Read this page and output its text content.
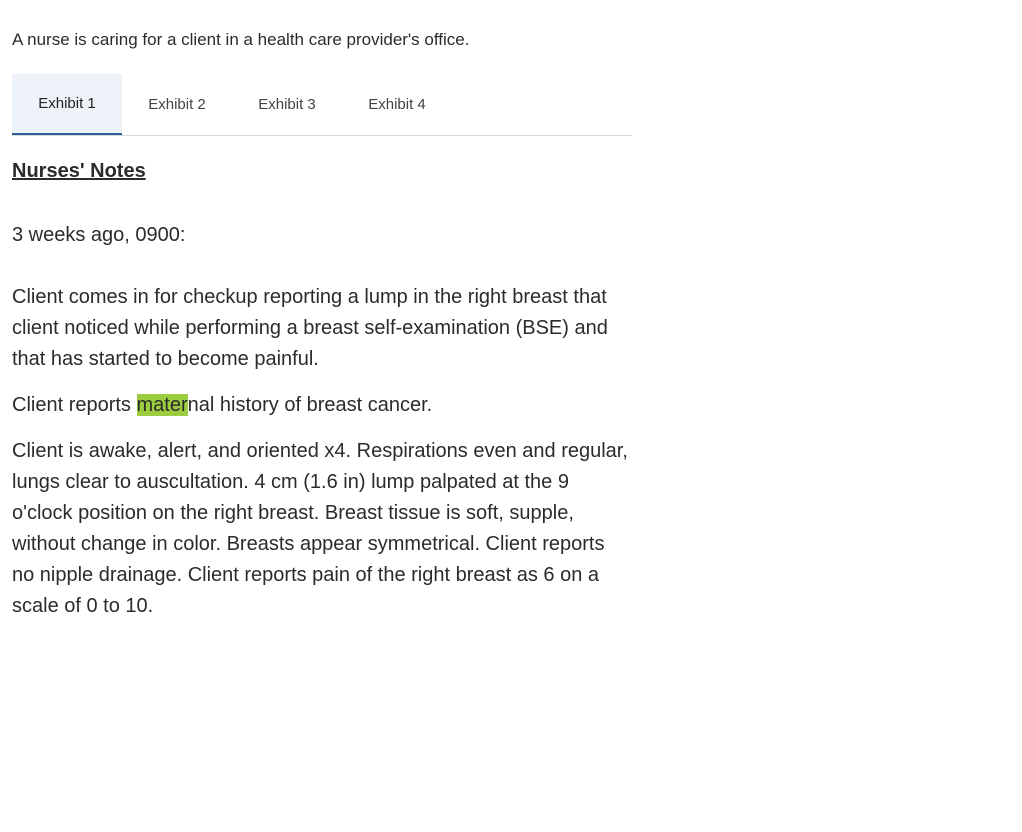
A nurse is caring for a client in a health care provider's office.
Exhibit 1	Exhibit 2	Exhibit 3	Exhibit 4
Nurses' Notes
3 weeks ago, 0900:

Client comes in for checkup reporting a lump in the right breast that client noticed while performing a breast self-examination (BSE) and that has started to become painful.

Client reports maternal history of breast cancer.

Client is awake, alert, and oriented x4. Respirations even and regular, lungs clear to auscultation. 4 cm (1.6 in) lump palpated at the 9 o'clock position on the right breast. Breast tissue is soft, supple, without change in color. Breasts appear symmetrical. Client reports no nipple drainage. Client reports pain of the right breast as 6 on a scale of 0 to 10.
